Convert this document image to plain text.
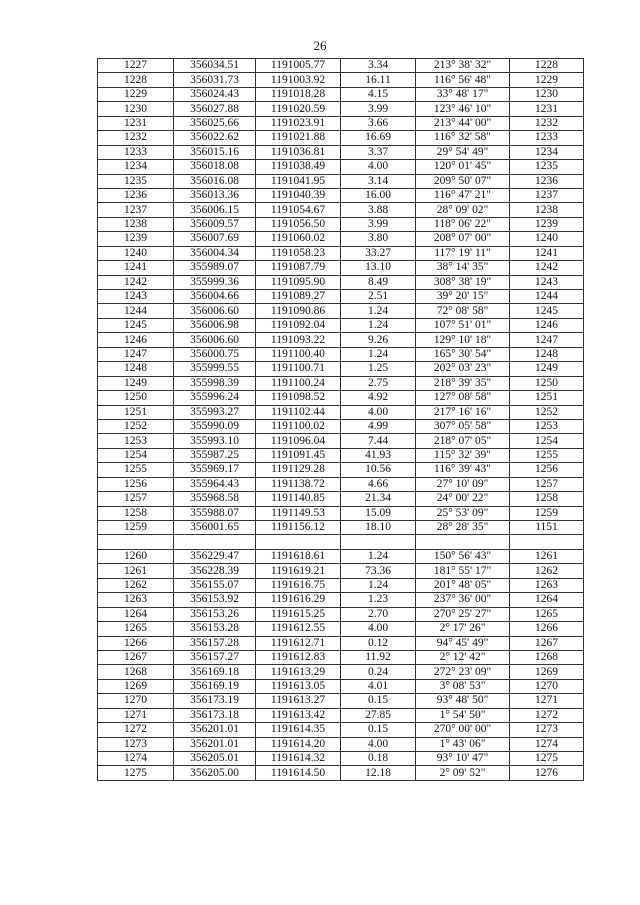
26
1227	356034.51	1191005.77	3.34	213° 38' 32"	1228
1228	356031.73	1191003.92	16.11	116° 56' 48"	1229
1229	356024.43	1191018.28	4.15	33° 48' 17"	1230
1230	356027.88	1191020.59	3.99	123° 46' 10"	1231
1231	356025.66	1191023.91	3.66	213° 44' 00"	1232
1232	356022.62	1191021.88	16.69	116° 32' 58"	1233
1233	356015.16	1191036.81	3.37	29° 54' 49"	1234
1234	356018.08	1191038.49	4.00	120° 01' 45"	1235
1235	356016.08	1191041.95	3.14	209° 50' 07"	1236
1236	356013.36	1191040.39	16.00	116° 47' 21"	1237
1237	356006.15	1191054.67	3.88	28° 09' 02"	1238
1238	356009.57	1191056.50	3.99	118° 06' 22"	1239
1239	356007.69	1191060.02	3.80	208° 07' 00"	1240
1240	356004.34	1191058.23	33.27	117° 19' 11"	1241
1241	355989.07	1191087.79	13.10	38° 14' 35"	1242
1242	355999.36	1191095.90	8.49	308° 38' 19"	1243
1243	356004.66	1191089.27	2.51	39° 20' 15"	1244
1244	356006.60	1191090.86	1.24	72° 08' 58"	1245
1245	356006.98	1191092.04	1.24	107° 51' 01"	1246
1246	356006.60	1191093.22	9.26	129° 10' 18"	1247
1247	356000.75	1191100.40	1.24	165° 30' 54"	1248
1248	355999.55	1191100.71	1.25	202° 03' 23"	1249
1249	355998.39	1191100.24	2.75	218° 39' 35"	1250
1250	355996.24	1191098.52	4.92	127° 08' 58"	1251
1251	355993.27	1191102.44	4.00	217° 16' 16"	1252
1252	355990.09	1191100.02	4.99	307° 05' 58"	1253
1253	355993.10	1191096.04	7.44	218° 07' 05"	1254
1254	355987.25	1191091.45	41.93	115° 32' 39"	1255
1255	355969.17	1191129.28	10.56	116° 39' 43"	1256
1256	355964.43	1191138.72	4.66	27° 10' 09"	1257
1257	355968.58	1191140.85	21.34	24° 00' 22"	1258
1258	355988.07	1191149.53	15.09	25° 53' 09"	1259
1259	356001.65	1191156.12	18.10	28° 28' 35"	1151

1260	356229.47	1191618.61	1.24	150° 56' 43"	1261
1261	356228.39	1191619.21	73.36	181° 55' 17"	1262
1262	356155.07	1191616.75	1.24	201° 48' 05"	1263
1263	356153.92	1191616.29	1.23	237° 36' 00"	1264
1264	356153.26	1191615.25	2.70	270° 25' 27"	1265
1265	356153.28	1191612.55	4.00	2° 17' 26"	1266
1266	356157.28	1191612.71	0.12	94° 45' 49"	1267
1267	356157.27	1191612.83	11.92	2° 12' 42"	1268
1268	356169.18	1191613.29	0.24	272° 23' 09"	1269
1269	356169.19	1191613.05	4.01	3° 08' 53"	1270
1270	356173.19	1191613.27	0.15	93° 48' 50"	1271
1271	356173.18	1191613.42	27.85	1° 54' 50"	1272
1272	356201.01	1191614.35	0.15	270° 00' 00"	1273
1273	356201.01	1191614.20	4.00	1° 43' 06"	1274
1274	356205.01	1191614.32	0.18	93° 10' 47"	1275
1275	356205.00	1191614.50	12.18	2° 09' 52"	1276
